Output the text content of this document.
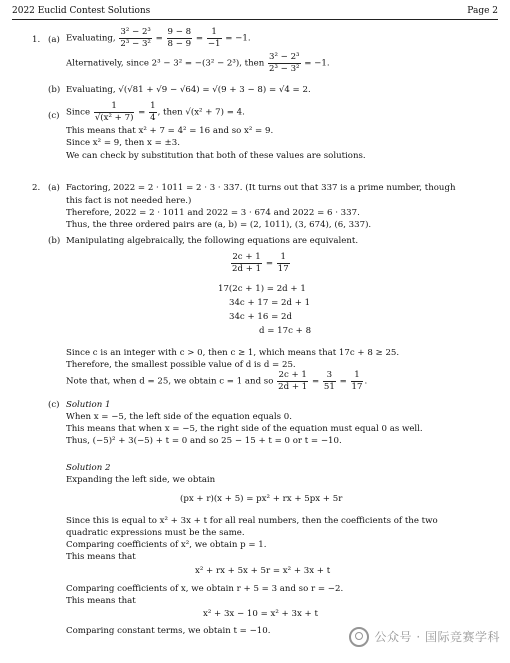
2022 Euclid Contest Solutions	Page 2
1. (a) Evaluating, $\frac{\text{3² − 2³}}{\text{2³ − 3²}} = \frac{9 - 8}{8 - 9} = \frac{1}{-1} = -1$.
Alternatively, since 2³ − 3² = −(3² − 2³), then $\frac{\text{3² − 2³}}{\text{2³ − 3²}} = -1$.
(b) Evaluating, √(√81 + √9 − √64) = √(9 + 3 − 8) = √4 = 2.
(c) Since $\frac{1}{\text{√(x² + 7)}} = \frac{1}{4}$ , then √(x² + 7) = 4.
This means that x² + 7 = 4² = 16 and so x² = 9.
Since x² = 9, then x = ±3.
We can check by substitution that both of these values are solutions.
2. (a) Factoring, 2022 = 2 · 1011 = 2 · 3 · 337. (It turns out that 337 is a prime number, though
this fact is not needed here.)
Therefore, 2022 = 2 · 1011 and 2022 = 3 · 674 and 2022 = 6 · 337.
Thus, the three ordered pairs are (a, b) = (2, 1011), (3, 674), (6, 337).
(b) Manipulating algebraically, the following equations are equivalent.
$\frac{2c + 1}{2d + 1} = \frac{1}{17}$
17(2c + 1) = 2d + 1
34c + 17 = 2d + 1
34c + 16 = 2d
d = 17c + 8
Since c is an integer with c > 0, then c ≥ 1, which means that 17c + 8 ≥ 25.
Therefore, the smallest possible value of d is d = 25.
Note that, when d = 25, we obtain c = 1 and so $\frac{2c + 1}{2d + 1} = \frac{3}{51} = \frac{1}{17}$ .
(c) Solution 1
When x = −5, the left side of the equation equals 0.
This means that when x = −5, the right side of the equation must equal 0 as well.
Thus, (−5)² + 3(−5) + t = 0 and so 25 − 15 + t = 0 or t = −10.
Solution 2
Expanding the left side, we obtain
(px + r)(x + 5) = px² + rx + 5px + 5r
Since this is equal to x² + 3x + t for all real numbers, then the coefficients of the two
quadratic expressions must be the same.
Comparing coefficients of x², we obtain p = 1.
This means that
x² + rx + 5x + 5r = x² + 3x + t
Comparing coefficients of x, we obtain r + 5 = 3 and so r = −2.
This means that
x² + 3x − 10 = x² + 3x + t
Comparing constant terms, we obtain t = −10.	公众号 · 国际竞赛学科
